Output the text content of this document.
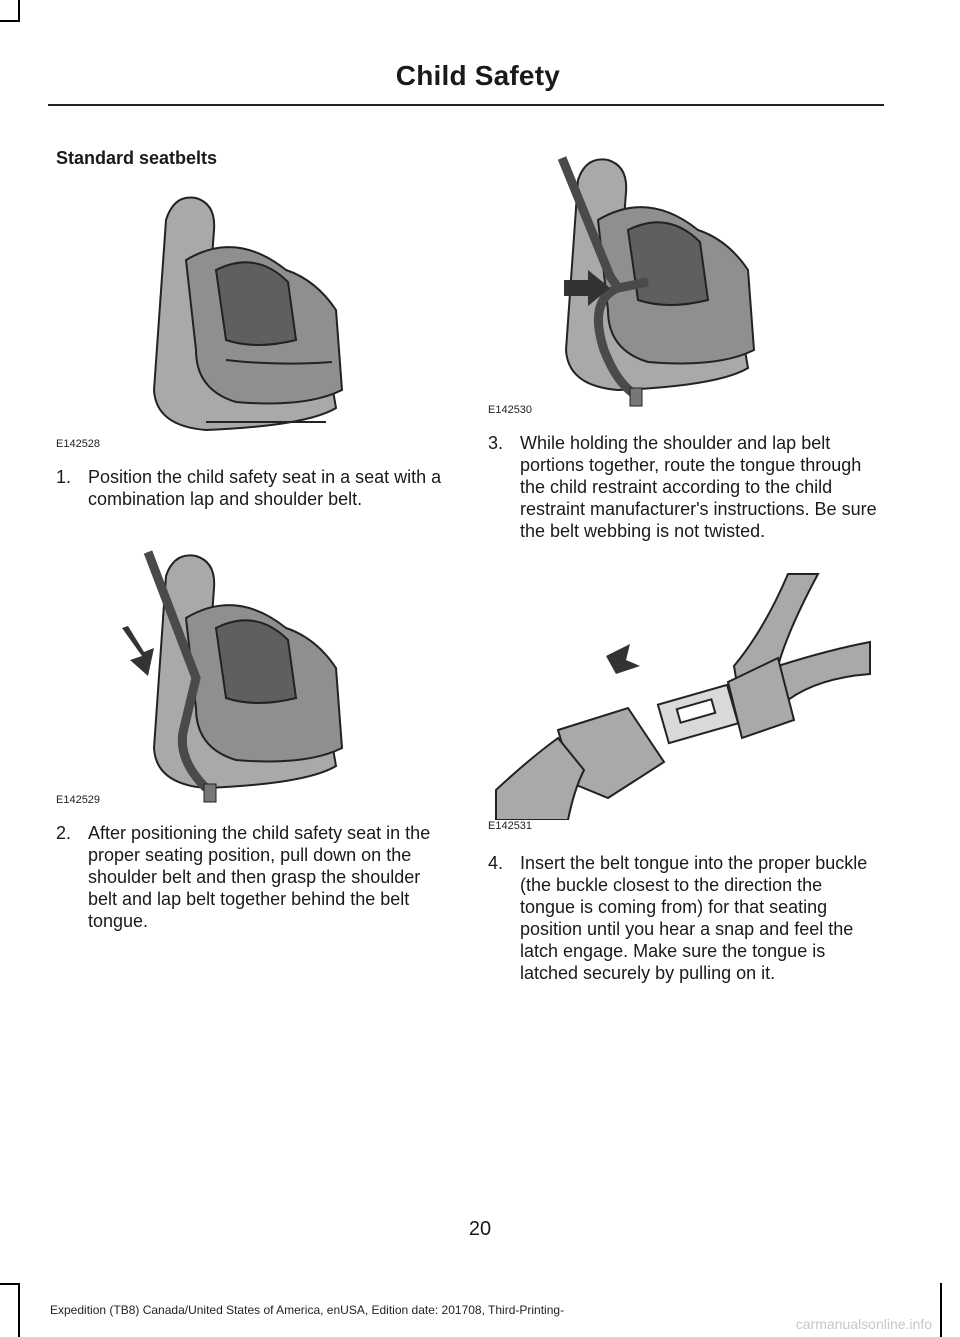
Child Safety
Standard seatbelts
E142528
1. Position the child safety seat in a seat with a combination lap and shoulder belt.
E142529
2. After positioning the child safety seat in the proper seating position, pull down on the shoulder belt and then grasp the shoulder belt and lap belt together behind the belt tongue.
E142530
3. While holding the shoulder and lap belt portions together, route the tongue through the child restraint according to the child restraint manufacturer's instructions. Be sure the belt webbing is not twisted.
E142531
4. Insert the belt tongue into the proper buckle (the buckle closest to the direction the tongue is coming from) for that seating position until you hear a snap and feel the latch engage. Make sure the tongue is latched securely by pulling on it.
20
Expedition (TB8) Canada/United States of America, enUSA, Edition date: 201708, Third-Printing-
carmanualsonline.info
